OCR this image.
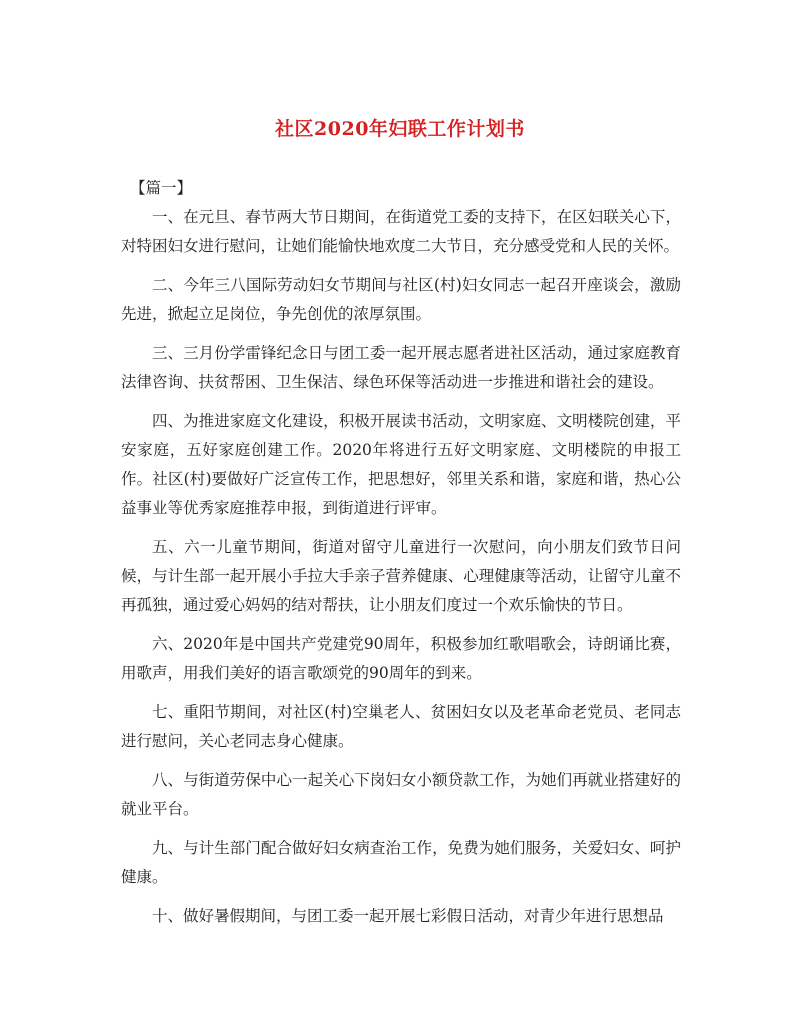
社区2020年妇联工作计划书
【篇一】

一、在元旦、春节两大节日期间，在街道党工委的支持下，在区妇联关心下，对特困妇女进行慰问，让她们能愉快地欢度二大节日，充分感受党和人民的关怀。

二、今年三八国际劳动妇女节期间与社区(村)妇女同志一起召开座谈会，激励先进，掀起立足岗位，争先创优的浓厚氛围。

三、三月份学雷锋纪念日与团工委一起开展志愿者进社区活动，通过家庭教育法律咨询、扶贫帮困、卫生保洁、绿色环保等活动进一步推进和谐社会的建设。

四、为推进家庭文化建设，积极开展读书活动，文明家庭、文明楼院创建，平安家庭，五好家庭创建工作。2020年将进行五好文明家庭、文明楼院的申报工作。社区(村)要做好广泛宣传工作，把思想好，邻里关系和谐，家庭和谐，热心公益事业等优秀家庭推荐申报，到街道进行评审。

五、六一儿童节期间，街道对留守儿童进行一次慰问，向小朋友们致节日问候，与计生部一起开展小手拉大手亲子营养健康、心理健康等活动，让留守儿童不再孤独，通过爱心妈妈的结对帮扶，让小朋友们度过一个欢乐愉快的节日。

六、2020年是中国共产党建党90周年，积极参加红歌唱歌会，诗朗诵比赛，用歌声，用我们美好的语言歌颂党的90周年的到来。

七、重阳节期间，对社区(村)空巢老人、贫困妇女以及老革命老党员、老同志进行慰问，关心老同志身心健康。

八、与街道劳保中心一起关心下岗妇女小额贷款工作，为她们再就业搭建好的就业平台。

九、与计生部门配合做好妇女病查治工作，免费为她们服务，关爱妇女、呵护健康。

十、做好暑假期间，与团工委一起开展七彩假日活动，对青少年进行思想品
